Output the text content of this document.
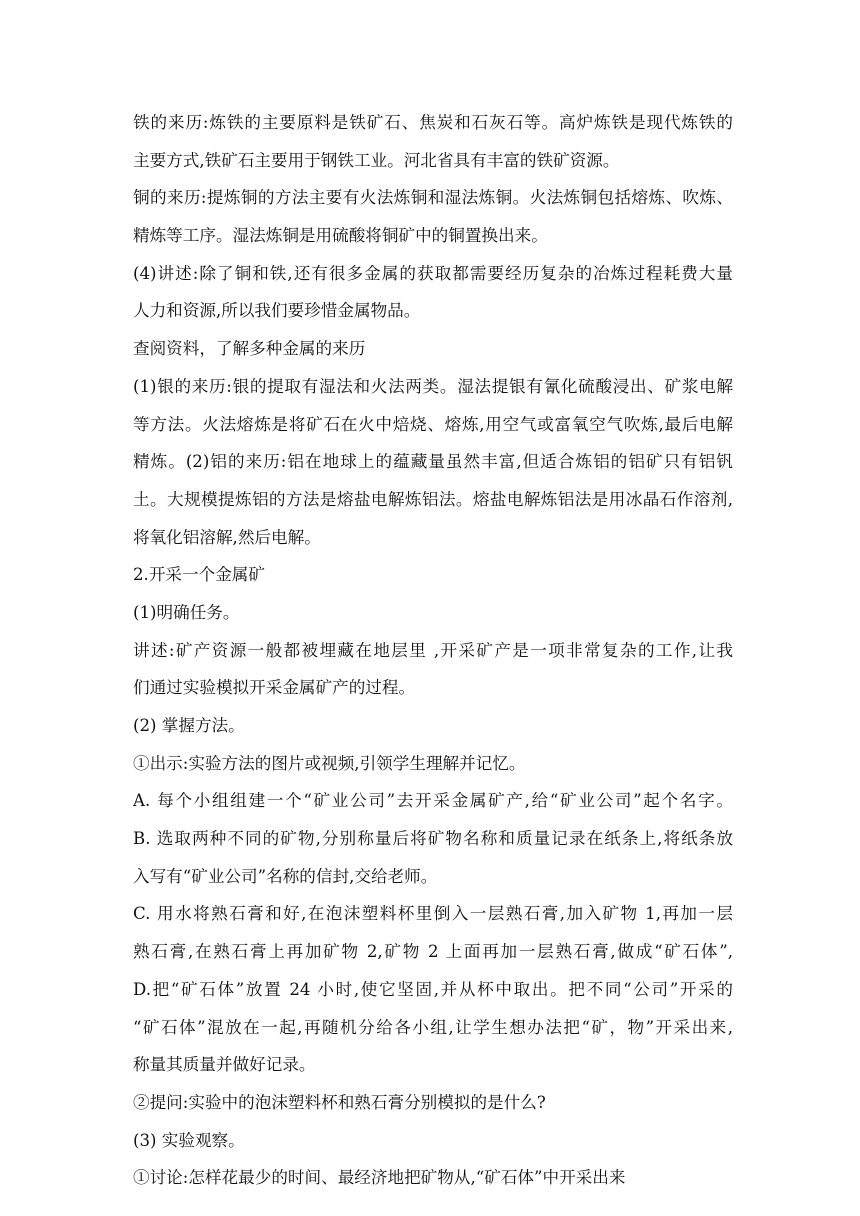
铁的来历:炼铁的主要原料是铁矿石、焦炭和石灰石等。高炉炼铁是现代炼铁的
主要方式,铁矿石主要用于钢铁工业。河北省具有丰富的铁矿资源。
铜的来历:提炼铜的方法主要有火法炼铜和湿法炼铜。火法炼铜包括熔炼、吹炼、
精炼等工序。湿法炼铜是用硫酸将铜矿中的铜置换出来。
(4)讲述:除了铜和铁,还有很多金属的获取都需要经历复杂的冶炼过程耗费大量
人力和资源,所以我们要珍惜金属物品。
查阅资料，了解多种金属的来历
(1)银的来历:银的提取有湿法和火法两类。湿法提银有氰化硫酸浸出、矿浆电解
等方法。火法熔炼是将矿石在火中焙烧、熔炼,用空气或富氧空气吹炼,最后电解
精炼。(2)铝的来历:铝在地球上的蕴藏量虽然丰富,但适合炼铝的铝矿只有铝钒
土。大规模提炼铝的方法是熔盐电解炼铝法。熔盐电解炼铝法是用冰晶石作溶剂,
将氧化铝溶解,然后电解。
2.开采一个金属矿
(1)明确任务。
讲述:矿产资源一般都被埋藏在地层里 ,开采矿产是一项非常复杂的工作,让我
们通过实验模拟开采金属矿产的过程。
(2) 掌握方法。
①出示:实验方法的图片或视频,引领学生理解并记忆。
A. 每个小组组建一个“矿业公司”去开采金属矿产,给“矿业公司”起个名字。
B. 选取两种不同的矿物,分别称量后将矿物名称和质量记录在纸条上,将纸条放
入写有“矿业公司”名称的信封,交给老师。
C. 用水将熟石膏和好,在泡沫塑料杯里倒入一层熟石膏,加入矿物 1,再加一层
熟石膏,在熟石膏上再加矿物 2,矿物 2 上面再加一层熟石膏,做成“矿石体”,
D.把“矿石体”放置 24 小时,使它坚固,并从杯中取出。把不同“公司”开采的
“矿石体”混放在一起,再随机分给各小组,让学生想办法把“矿，物”开采出来,
称量其质量并做好记录。
②提问:实验中的泡沫塑料杯和熟石膏分别模拟的是什么?
(3) 实验观察。
①讨论:怎样花最少的时间、最经济地把矿物从,“矿石体”中开采出来
